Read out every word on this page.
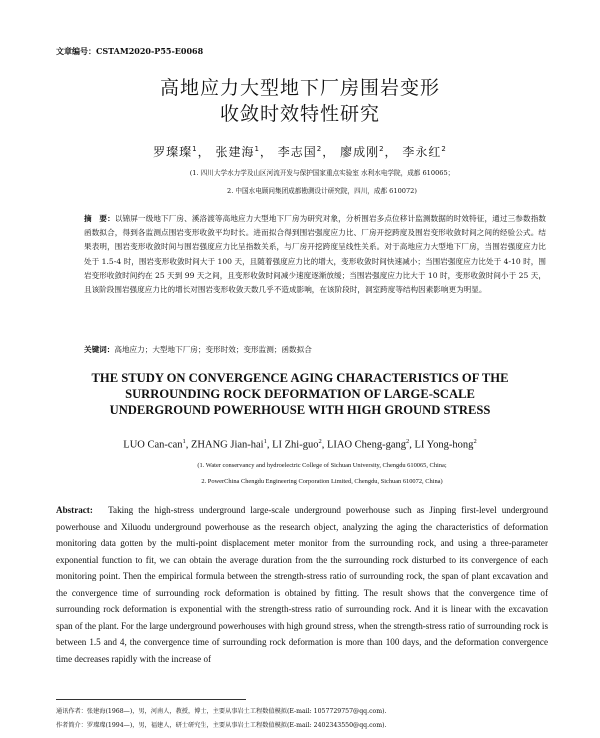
文章编号：CSTAM2020-P55-E0068
高地应力大型地下厂房围岩变形
收敛时效特性研究
罗璨璨$^1$， 张建海$^1$， 李志国$^2$， 廖成刚$^2$， 李永红$^2$
(1. 四川大学水力学及山区河流开发与保护国家重点实验室 水利水电学院，成都 610065；
2. 中国水电顾问集团成都勘测设计研究院，四川，成都 610072)
摘　要：以锦屏一级地下厂房、溪洛渡等高地应力大型地下厂房为研究对象，分析围岩多点位移计监测数据的时效特征，通过三参数指数函数拟合，得到各监测点围岩变形收敛平均时长。进而拟合得到围岩强度应力比、厂房开挖跨度及围岩变形收敛时间之间的经验公式。结果表明，围岩变形收敛时间与围岩强度应力比呈指数关系，与厂房开挖跨度呈线性关系。对于高地应力大型地下厂房，当围岩强度应力比处于 1.5-4 时，围岩变形收敛时间大于 100 天，且随着强度应力比的增大，变形收敛时间快速减小；当围岩强度应力比处于 4-10 时，围岩变形收敛时间约在 25 天到 99 天之间，且变形收敛时间减少速度逐渐放缓；当围岩强度应力比大于 10 时，变形收敛时间小于 25 天，且该阶段围岩强度应力比的增长对围岩变形收敛天数几乎不造成影响，在该阶段时，洞室跨度等结构因素影响更为明显。
关键词：高地应力；大型地下厂房；变形时效；变形监测；函数拟合
THE STUDY ON CONVERGENCE AGING CHARACTERISTICS OF THE
SURROUNDING ROCK DEFORMATION OF LARGE-SCALE
UNDERGROUND POWERHOUSE WITH HIGH GROUND STRESS
LUO Can-can$^1$, ZHANG Jian-hai$^1$, LI Zhi-guo$^2$, LIAO Cheng-gang$^2$, LI Yong-hong$^2$
(1. Water conservancy and hydroelectric College of Sichuan University, Chengdu 610065, China;
2. PowerChina Chengdu Engineering Corporation Limited, Chengdu, Sichuan 610072, China)
Abstract: Taking the high-stress underground large-scale underground powerhouse such as Jinping first-level underground powerhouse and Xiluodu underground powerhouse as the research object, analyzing the aging the characteristics of deformation monitoring data gotten by the multi-point displacement meter monitor from the surrounding rock, and using a three-parameter exponential function to fit, we can obtain the average duration from the the surrounding rock disturbed to its convergence of each monitoring point. Then the empirical formula between the strength-stress ratio of surrounding rock, the span of plant excavation and the convergence time of surrounding rock deformation is obtained by fitting. The result shows that the convergence time of surrounding rock deformation is exponential with the strength-stress ratio of surrounding rock. And it is linear with the excavation span of the plant. For the large underground powerhouses with high ground stress, when the strength-stress ratio of surrounding rock is between 1.5 and 4, the convergence time of surrounding rock deformation is more than 100 days, and the deformation convergence time decreases rapidly with the increase of
通讯作者：张建海(1968—)，男，河南人，教授，博士，主要从事岩土工程数值模拟(E-mail: 1057729757@qq.com).
作者简介：罗璨璨(1994—)，男，福建人，研士研究生，主要从事岩土工程数值模拟(E-mail: 2402343550@qq.com).
